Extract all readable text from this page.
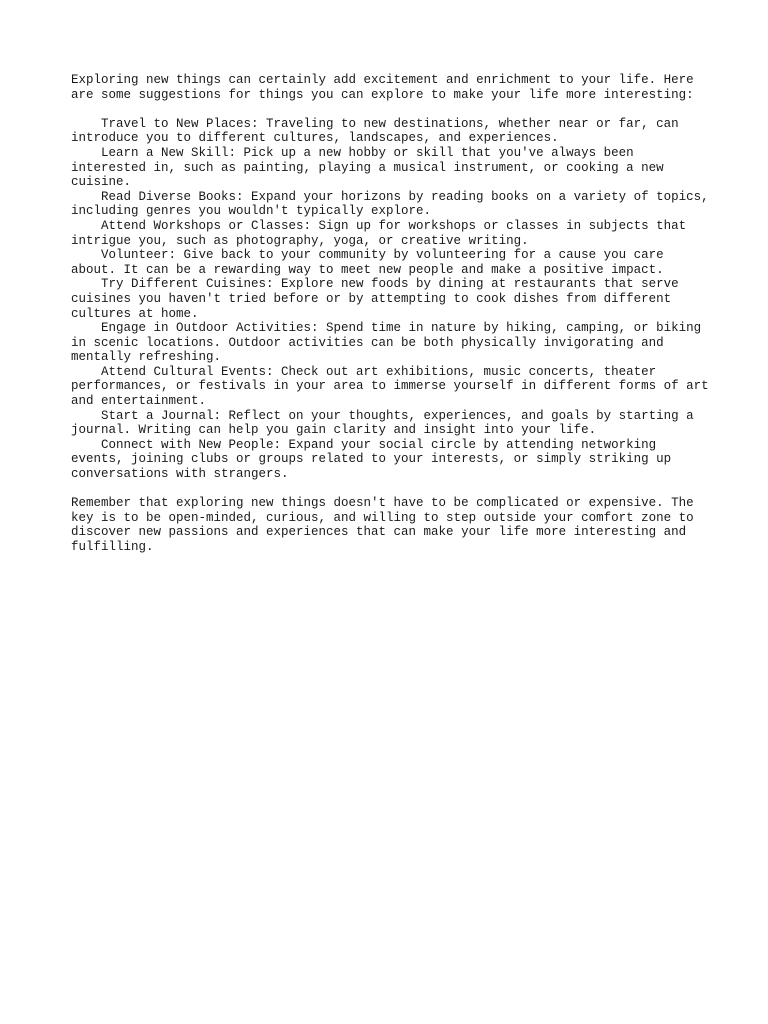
Exploring new things can certainly add excitement and enrichment to your life. Here are some suggestions for things you can explore to make your life more interesting:

Travel to New Places: Traveling to new destinations, whether near or far, can introduce you to different cultures, landscapes, and experiences.

Learn a New Skill: Pick up a new hobby or skill that you've always been interested in, such as painting, playing a musical instrument, or cooking a new cuisine.

Read Diverse Books: Expand your horizons by reading books on a variety of topics, including genres you wouldn't typically explore.

Attend Workshops or Classes: Sign up for workshops or classes in subjects that intrigue you, such as photography, yoga, or creative writing.

Volunteer: Give back to your community by volunteering for a cause you care about. It can be a rewarding way to meet new people and make a positive impact.

Try Different Cuisines: Explore new foods by dining at restaurants that serve cuisines you haven't tried before or by attempting to cook dishes from different cultures at home.

Engage in Outdoor Activities: Spend time in nature by hiking, camping, or biking in scenic locations. Outdoor activities can be both physically invigorating and mentally refreshing.

Attend Cultural Events: Check out art exhibitions, music concerts, theater performances, or festivals in your area to immerse yourself in different forms of art and entertainment.

Start a Journal: Reflect on your thoughts, experiences, and goals by starting a journal. Writing can help you gain clarity and insight into your life.

Connect with New People: Expand your social circle by attending networking events, joining clubs or groups related to your interests, or simply striking up conversations with strangers.

Remember that exploring new things doesn't have to be complicated or expensive. The key is to be open-minded, curious, and willing to step outside your comfort zone to discover new passions and experiences that can make your life more interesting and fulfilling.
